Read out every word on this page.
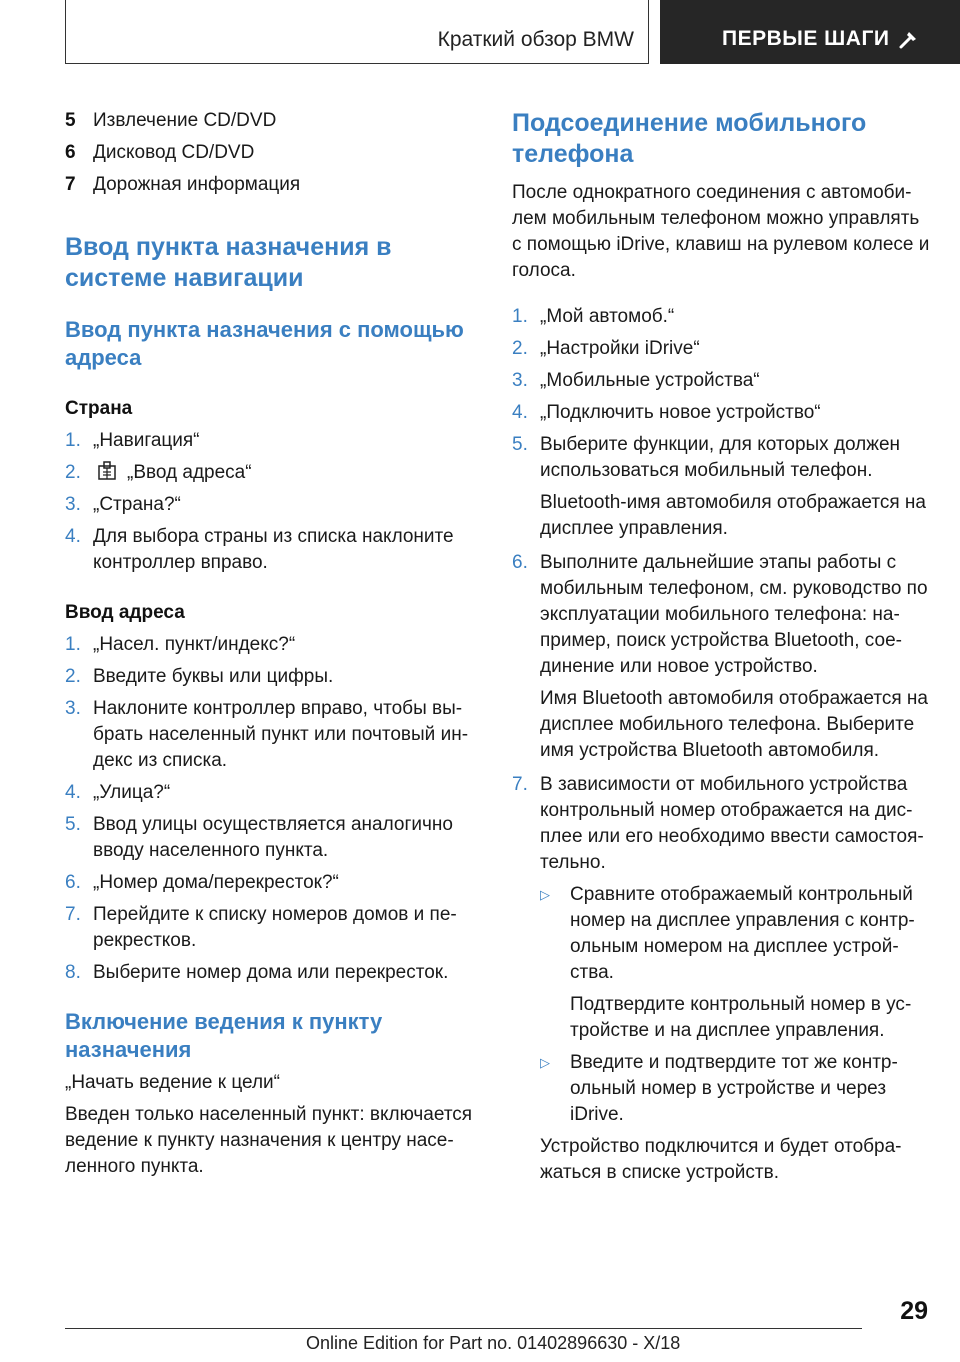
Краткий обзор BMW	ПЕРВЫЕ ШАГИ
5 Извлечение CD/DVD
6 Дисковод CD/DVD
7 Дорожная информация
Ввод пункта назначения в системе навигации
Ввод пункта назначения с помощью адреса
Страна
1. „Навигация“
2.	„Ввод адреса“
3. „Страна?“
4. Для выбора страны из списка наклоните контроллер вправо.
Ввод адреса
1. „Насел. пункт/индекс?“
2. Введите буквы или цифры.
3. Наклоните контроллер вправо, чтобы выбрать населенный пункт или почтовый индекс из списка.
4. „Улица?“
5. Ввод улицы осуществляется аналогично вводу населенного пункта.
6. „Номер дома/перекресток?“
7. Перейдите к списку номеров домов и перекрестков.
8. Выберите номер дома или перекресток.
Включение ведения к пункту назначения

„Начать ведение к цели“

Введен только населенный пункт: включается ведение к пункту назначения к центру населенного пункта.

Подсоединение мобильного телефона

После однократного соединения с автомобилем мобильным телефоном можно управлять с помощью iDrive, клавиш на рулевом колесе и голоса.

1. „Мой автомоб.“
2. „Настройки iDrive“
3. „Мобильные устройства“
4. „Подключить новое устройство“
5. Выберите функции, для которых должен использоваться мобильный телефон.
Bluetooth-имя автомобиля отображается на дисплее управления.
6. Выполните дальнейшие этапы работы с мобильным телефоном, см. руководство по эксплуатации мобильного телефона: например, поиск устройства Bluetooth, соединение или новое устройство.
Имя Bluetooth автомобиля отображается на дисплее мобильного телефона. Выберите имя устройства Bluetooth автомобиля.
7. В зависимости от мобильного устройства контрольный номер отображается на дисплее или его необходимо ввести самостоятельно.
▷	Сравните отображаемый контрольный номер на дисплее управления с контрольным номером на дисплее устройства.
Подтвердите контрольный номер в устройстве и на дисплее управления.
▷	Введите и подтвердите тот же контрольный номер в устройстве и через iDrive.
Устройство подключится и будет отображаться в списке устройств.
29
Online Edition for Part no. 01402896630 - X/18
